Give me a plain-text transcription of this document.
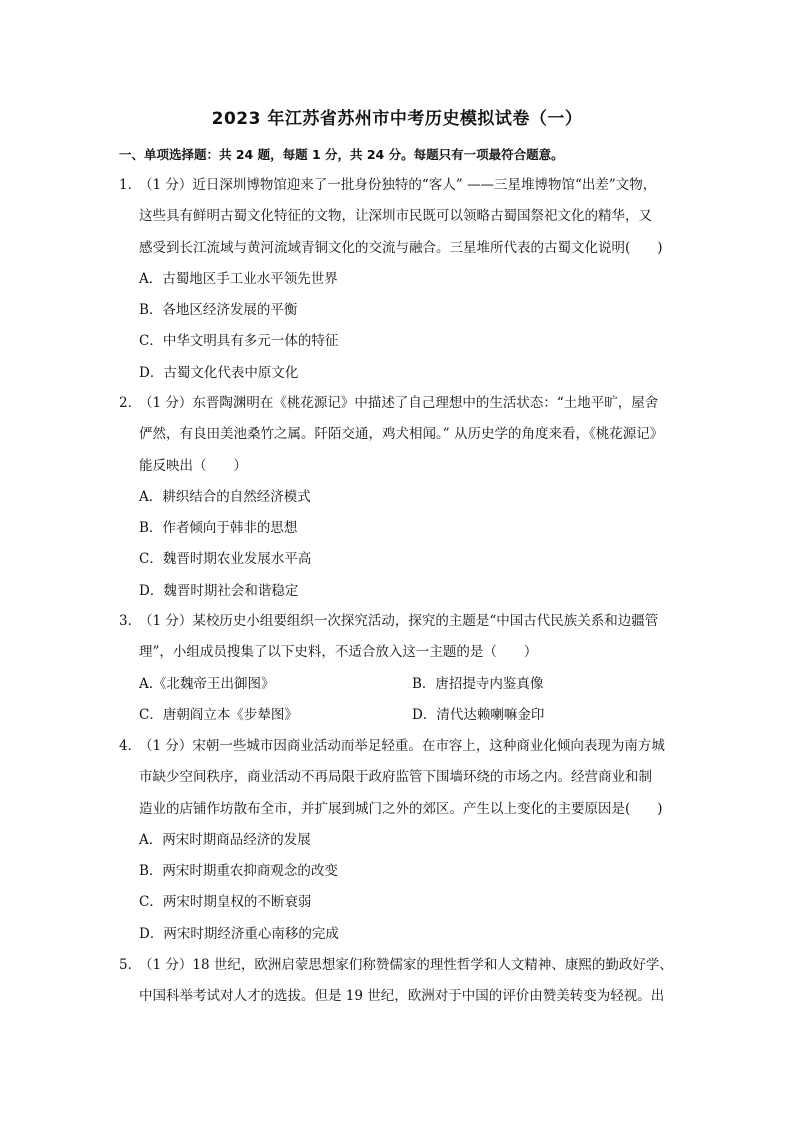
2023 年江苏省苏州市中考历史模拟试卷（一）
一、单项选择题：共 24 题，每题 1 分，共 24 分。每题只有一项最符合题意。
1．（1 分）近日深圳博物馆迎来了一批身份独特的“客人” ——三星堆博物馆“出差”文物，
这些具有鲜明古蜀文化特征的文物，让深圳市民既可以领略古蜀国祭祀文化的精华，又
感受到长江流域与黄河流域青铜文化的交流与融合。三星堆所代表的古蜀文化说明(　　)
A．古蜀地区手工业水平领先世界
B．各地区经济发展的平衡
C．中华文明具有多元一体的特征
D．古蜀文化代表中原文化
2．（1 分）东晋陶渊明在《桃花源记》中描述了自己理想中的生活状态：“土地平旷，屋舍
俨然，有良田美池桑竹之属。阡陌交通，鸡犬相闻。” 从历史学的角度来看，《桃花源记》
能反映出（　　）
A．耕织结合的自然经济模式
B．作者倾向于韩非的思想
C．魏晋时期农业发展水平高
D．魏晋时期社会和谐稳定
3．（1 分）某校历史小组要组织一次探究活动，探究的主题是“中国古代民族关系和边疆管
理”，小组成员搜集了以下史料，不适合放入这一主题的是（　　）
A.《北魏帝王出御图》	B．唐招提寺内鉴真像
C．唐朝阎立本《步辇图》	D．清代达赖喇嘛金印
4．（1 分）宋朝一些城市因商业活动而举足轻重。在市容上，这种商业化倾向表现为南方城
市缺少空间秩序，商业活动不再局限于政府监管下围墙环绕的市场之内。经营商业和制
造业的店铺作坊散布全市，并扩展到城门之外的郊区。产生以上变化的主要原因是(　　)
A．两宋时期商品经济的发展
B．两宋时期重农抑商观念的改变
C．两宋时期皇权的不断衰弱
D．两宋时期经济重心南移的完成
5．（1 分）18 世纪，欧洲启蒙思想家们称赞儒家的理性哲学和人文精神、康熙的勤政好学、
中国科举考试对人才的选拔。但是 19 世纪，欧洲对于中国的评价由赞美转变为轻视。出
